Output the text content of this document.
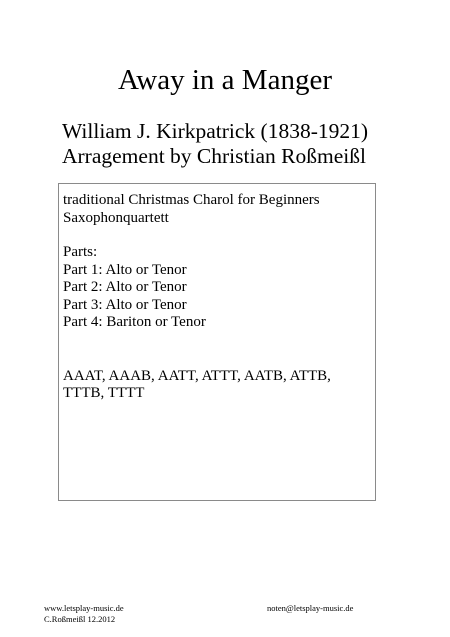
Away in a Manger
William J. Kirkpatrick (1838-1921)
Arragement by Christian Roßmeißl
traditional Christmas Charol for Beginners
Saxophonquartett
Parts:
Part 1: Alto or Tenor
Part 2: Alto or Tenor
Part 3: Alto or Tenor
Part 4: Bariton or Tenor
AAAT, AAAB, AATT, ATTT, AATB, ATTB,
TTTB, TTTT
www.letsplay-music.de
C.Roßmeißl 12.2012
noten@letsplay-music.de
